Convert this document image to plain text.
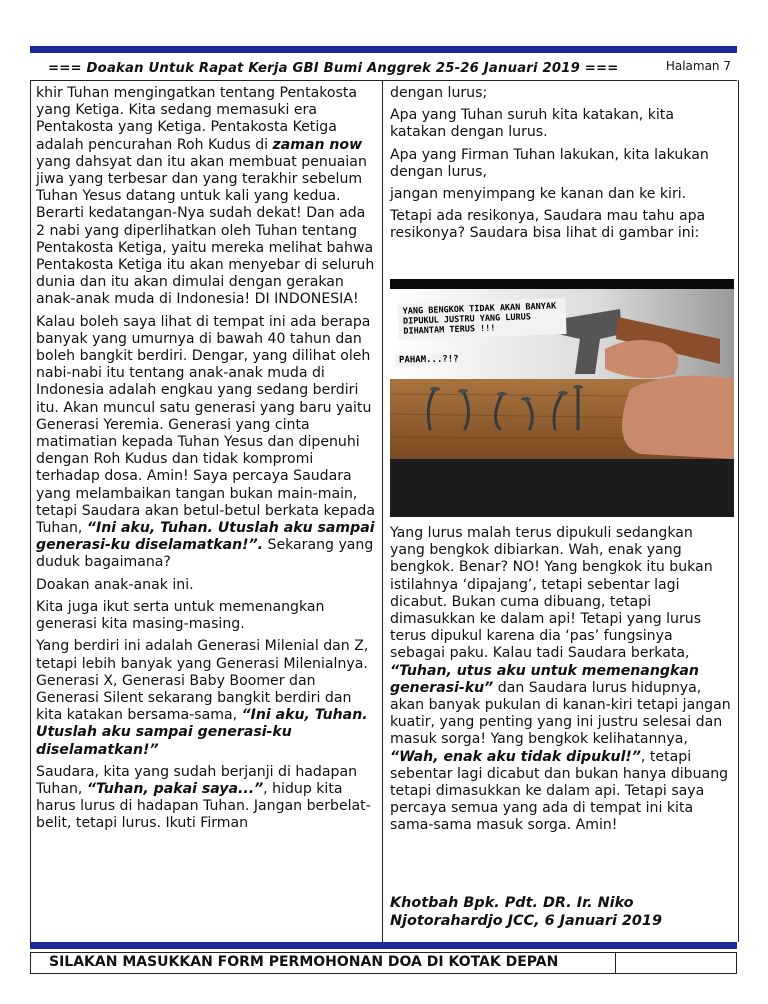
=== Doakan Untuk Rapat Kerja GBI Bumi Anggrek 25-26 Januari 2019 ===	Halaman 7

khir Tuhan mengingatkan tentang Pentakosta yang Ketiga. Kita sedang memasuki era Pentakosta yang Ketiga. Pentakosta Ketiga adalah pencurahan Roh Kudus di zaman now yang dahsyat dan itu akan membuat penuaian jiwa yang terbesar dan yang terakhir sebelum Tuhan Yesus datang untuk kali yang kedua. Berarti kedatangan-Nya sudah dekat! Dan ada 2 nabi yang diperlihatkan oleh Tuhan tentang Pentakosta Ketiga, yaitu mereka melihat bahwa Pentakosta Ketiga itu akan menyebar di seluruh dunia dan itu akan dimulai dengan gerakan anak-anak muda di Indonesia! DI INDONESIA!

Kalau boleh saya lihat di tempat ini ada berapa banyak yang umurnya di bawah 40 tahun dan boleh bangkit berdiri. Dengar, yang dilihat oleh nabi-nabi itu tentang anak-anak muda di Indonesia adalah engkau yang sedang berdiri itu. Akan muncul satu generasi yang baru yaitu Generasi Yeremia. Generasi yang cinta matimatian kepada Tuhan Yesus dan dipenuhi dengan Roh Kudus dan tidak kompromi terhadap dosa. Amin! Saya percaya Saudara yang melambaikan tangan bukan main-main, tetapi Saudara akan betul-betul berkata kepada Tuhan, “Ini aku, Tuhan. Utuslah aku sampai generasi-ku diselamatkan!”. Sekarang yang duduk bagaimana?

Doakan anak-anak ini.

Kita juga ikut serta untuk memenangkan generasi kita masing-masing.

Yang berdiri ini adalah Generasi Milenial dan Z, tetapi lebih banyak yang Generasi Milenialnya. Generasi X, Generasi Baby Boomer dan Generasi Silent sekarang bangkit berdiri dan kita katakan bersama-sama, “Ini aku, Tuhan. Utuslah aku sampai generasi-ku diselamatkan!”

Saudara, kita yang sudah berjanji di hadapan Tuhan, “Tuhan, pakai saya...”, hidup kita harus lurus di hadapan Tuhan. Jangan berbelat-belit, tetapi lurus. Ikuti Firman

dengan lurus;

Apa yang Tuhan suruh kita katakan, kita katakan dengan lurus.

Apa yang Firman Tuhan lakukan, kita lakukan dengan lurus,

jangan menyimpang ke kanan dan ke kiri.

Tetapi ada resikonya, Saudara mau tahu apa resikonya? Saudara bisa lihat di gambar ini:

YANG BENGKOK TIDAK AKAN BANYAK DIPUKUL JUSTRU YANG LURUS DIHANTAM TERUS !!!
PAHAM...?!?

Yang lurus malah terus dipukuli sedangkan yang bengkok dibiarkan. Wah, enak yang bengkok. Benar? NO! Yang bengkok itu bukan istilahnya ‘dipajang’, tetapi sebentar lagi dicabut. Bukan cuma dibuang, tetapi dimasukkan ke dalam api! Tetapi yang lurus terus dipukul karena dia ‘pas’ fungsinya sebagai paku. Kalau tadi Saudara berkata, “Tuhan, utus aku untuk memenangkan generasi-ku” dan Saudara lurus hidupnya, akan banyak pukulan di kanan-kiri tetapi jangan kuatir, yang penting yang ini justru selesai dan masuk sorga! Yang bengkok kelihatannya, “Wah, enak aku tidak dipukul!”, tetapi sebentar lagi dicabut dan bukan hanya dibuang tetapi dimasukkan ke dalam api. Tetapi saya percaya semua yang ada di tempat ini kita sama-sama masuk sorga. Amin!

Khotbah Bpk. Pdt. DR. Ir. Niko Njotorahardjo JCC, 6 Januari 2019
SILAKAN MASUKKAN FORM PERMOHONAN DOA DI KOTAK DEPAN
